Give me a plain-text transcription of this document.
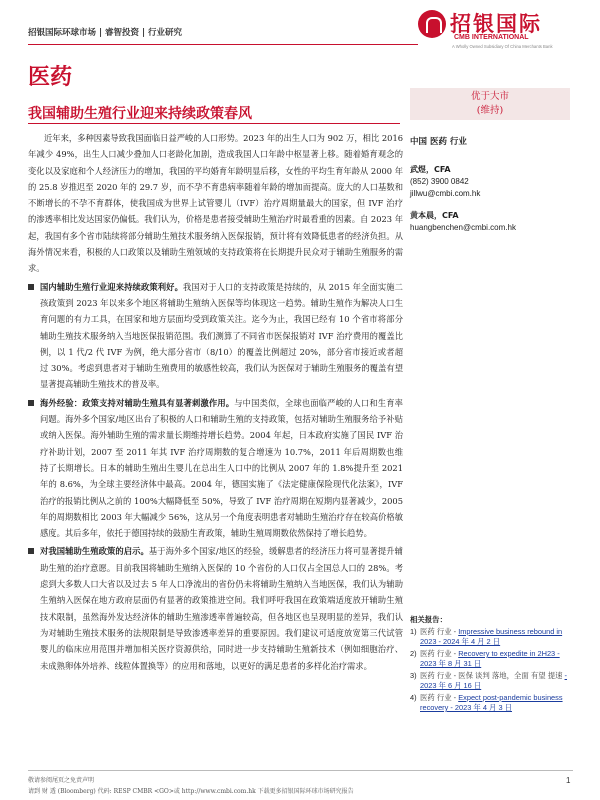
招银国际环球市场 | 睿智投资 | 行业研究	招银国际
CMB INTERNATIONAL
A Wholly Owned Subsidiary Of China Merchants Bank
医药
我国辅助生殖行业迎来持续政策春风
优于大市
(维持)

近年来，多种因素导致我国面临日益严峻的人口形势。2023 年的出生人口为 902 万，相比 2016 年减少 49%，出生人口减少叠加人口老龄化加剧，造成我国人口年龄中枢显著上移。随着婚育观念的变化以及家庭和个人经济压力的增加，我国的平均婚育年龄明显后移，女性的平均生育年龄从 2000 年的 25.8 岁推迟至 2020 年的 29.7 岁，而不孕不育患病率随着年龄的增加而提高。庞大的人口基数和不断增长的不孕不育群体，使我国成为世界上试管婴儿（IVF）治疗周期量最大的国家，但 IVF 治疗的渗透率相比发达国家仍偏低。我们认为，价格是患者接受辅助生殖治疗时最看重的因素。自 2023 年起，我国有多个省市陆续将部分辅助生殖技术服务纳入医保报销，预计将有效降低患者的经济负担。从海外情况来看，积极的人口政策以及辅助生殖领域的支持政策将在长期提升民众对于辅助生殖服务的需求。

国内辅助生殖行业迎来持续政策利好。我国对于人口的支持政策是持续的，从 2015 年全面实施二孩政策到 2023 年以来多个地区将辅助生殖纳入医保等均体现这一趋势。辅助生殖作为解决人口生育问题的有力工具，在国家和地方层面均受到政策关注。迄今为止，我国已经有 10 个省市将部分辅助生殖技术服务纳入当地医保报销范围。我们测算了不同省市医保报销对 IVF 治疗费用的覆盖比例，以 1 代/2 代 IVF 为例，绝大部分省市（8/10）的覆盖比例超过 20%，部分省市接近或者超过 30%。考虑到患者对于辅助生殖费用的敏感性较高，我们认为医保对于辅助生殖服务的覆盖有望显著提高辅助生殖技术的普及率。
海外经验：政策支持对辅助生殖具有显著刺激作用。与中国类似，全球也面临严峻的人口和生育率问题。海外多个国家/地区出台了积极的人口和辅助生殖的支持政策，包括对辅助生殖服务给予补贴或纳入医保。海外辅助生殖的需求量长期维持增长趋势。2004 年起，日本政府实施了国民 IVF 治疗补助计划，2007 至 2011 年其 IVF 治疗周期数的复合增速为 10.7%，2011 年后周期数也维持了长期增长。日本的辅助生殖出生婴儿在总出生人口中的比例从 2007 年的 1.8%提升至 2021 年的 8.6%，为全球主要经济体中最高。2004 年，德国实施了《法定健康保险现代化法案》，IVF 治疗的报销比例从之前的 100%大幅降低至 50%，导致了 IVF 治疗周期在短期内显著减少，2005 年的周期数相比 2003 年大幅减少 56%，这从另一个角度表明患者对辅助生殖治疗存在较高价格敏感度。其后多年，依托于德国持续的鼓励生育政策，辅助生殖周期数依然保持了增长趋势。
对我国辅助生殖政策的启示。基于海外多个国家/地区的经验，缓解患者的经济压力将可显著提升辅助生殖的治疗意愿。目前我国将辅助生殖纳入医保的 10 个省份的人口仅占全国总人口的 28%。考虑到大多数人口大省以及过去 5 年人口净流出的省份仍未将辅助生殖纳入当地医保，我们认为辅助生殖纳入医保在地方政府层面仍有显著的政策推进空间。我们呼吁我国在政策端适度放开辅助生殖技术限制，虽然海外发达经济体的辅助生殖渗透率普遍较高，但各地区也呈现明显的差异，我们认为对辅助生殖技术服务的法规限制是导致渗透率差异的重要原因。我们建议可适度放宽第三代试管婴儿的临床应用范围并增加相关医疗资源供给，同时进一步支持辅助生殖新技术（例如细胞治疗、未成熟卵体外培养、线粒体置换等）的应用和落地，以更好的满足患者的多样化治疗需求。
中国 医药 行业
武煜，CFA
(852) 3900 0842
jillwu@cmbi.com.hk
黄本晨，CFA
huangbenchen@cmbi.com.hk
相关报告：
1) 医药 行业 - Impressive business rebound in 2023 - 2024 年 4 月 2 日
2) 医药 行业 - Recovery to expedite in 2H23 - 2023 年 8 月 31 日
3) 医药 行业 - 医保 谈判 落地，全面 有望 提速 - 2023 年 6 月 16 日
4) 医药 行业 - Expect post-pandemic business recovery - 2023 年 4 月 3 日
敬请参阅尾页之免责声明
请到 财 透 (Bloomberg) 代码: RESP CMBR <GO>或 http://www.cmbi.com.hk 下载更多招银国际环球市场研究报告
1
